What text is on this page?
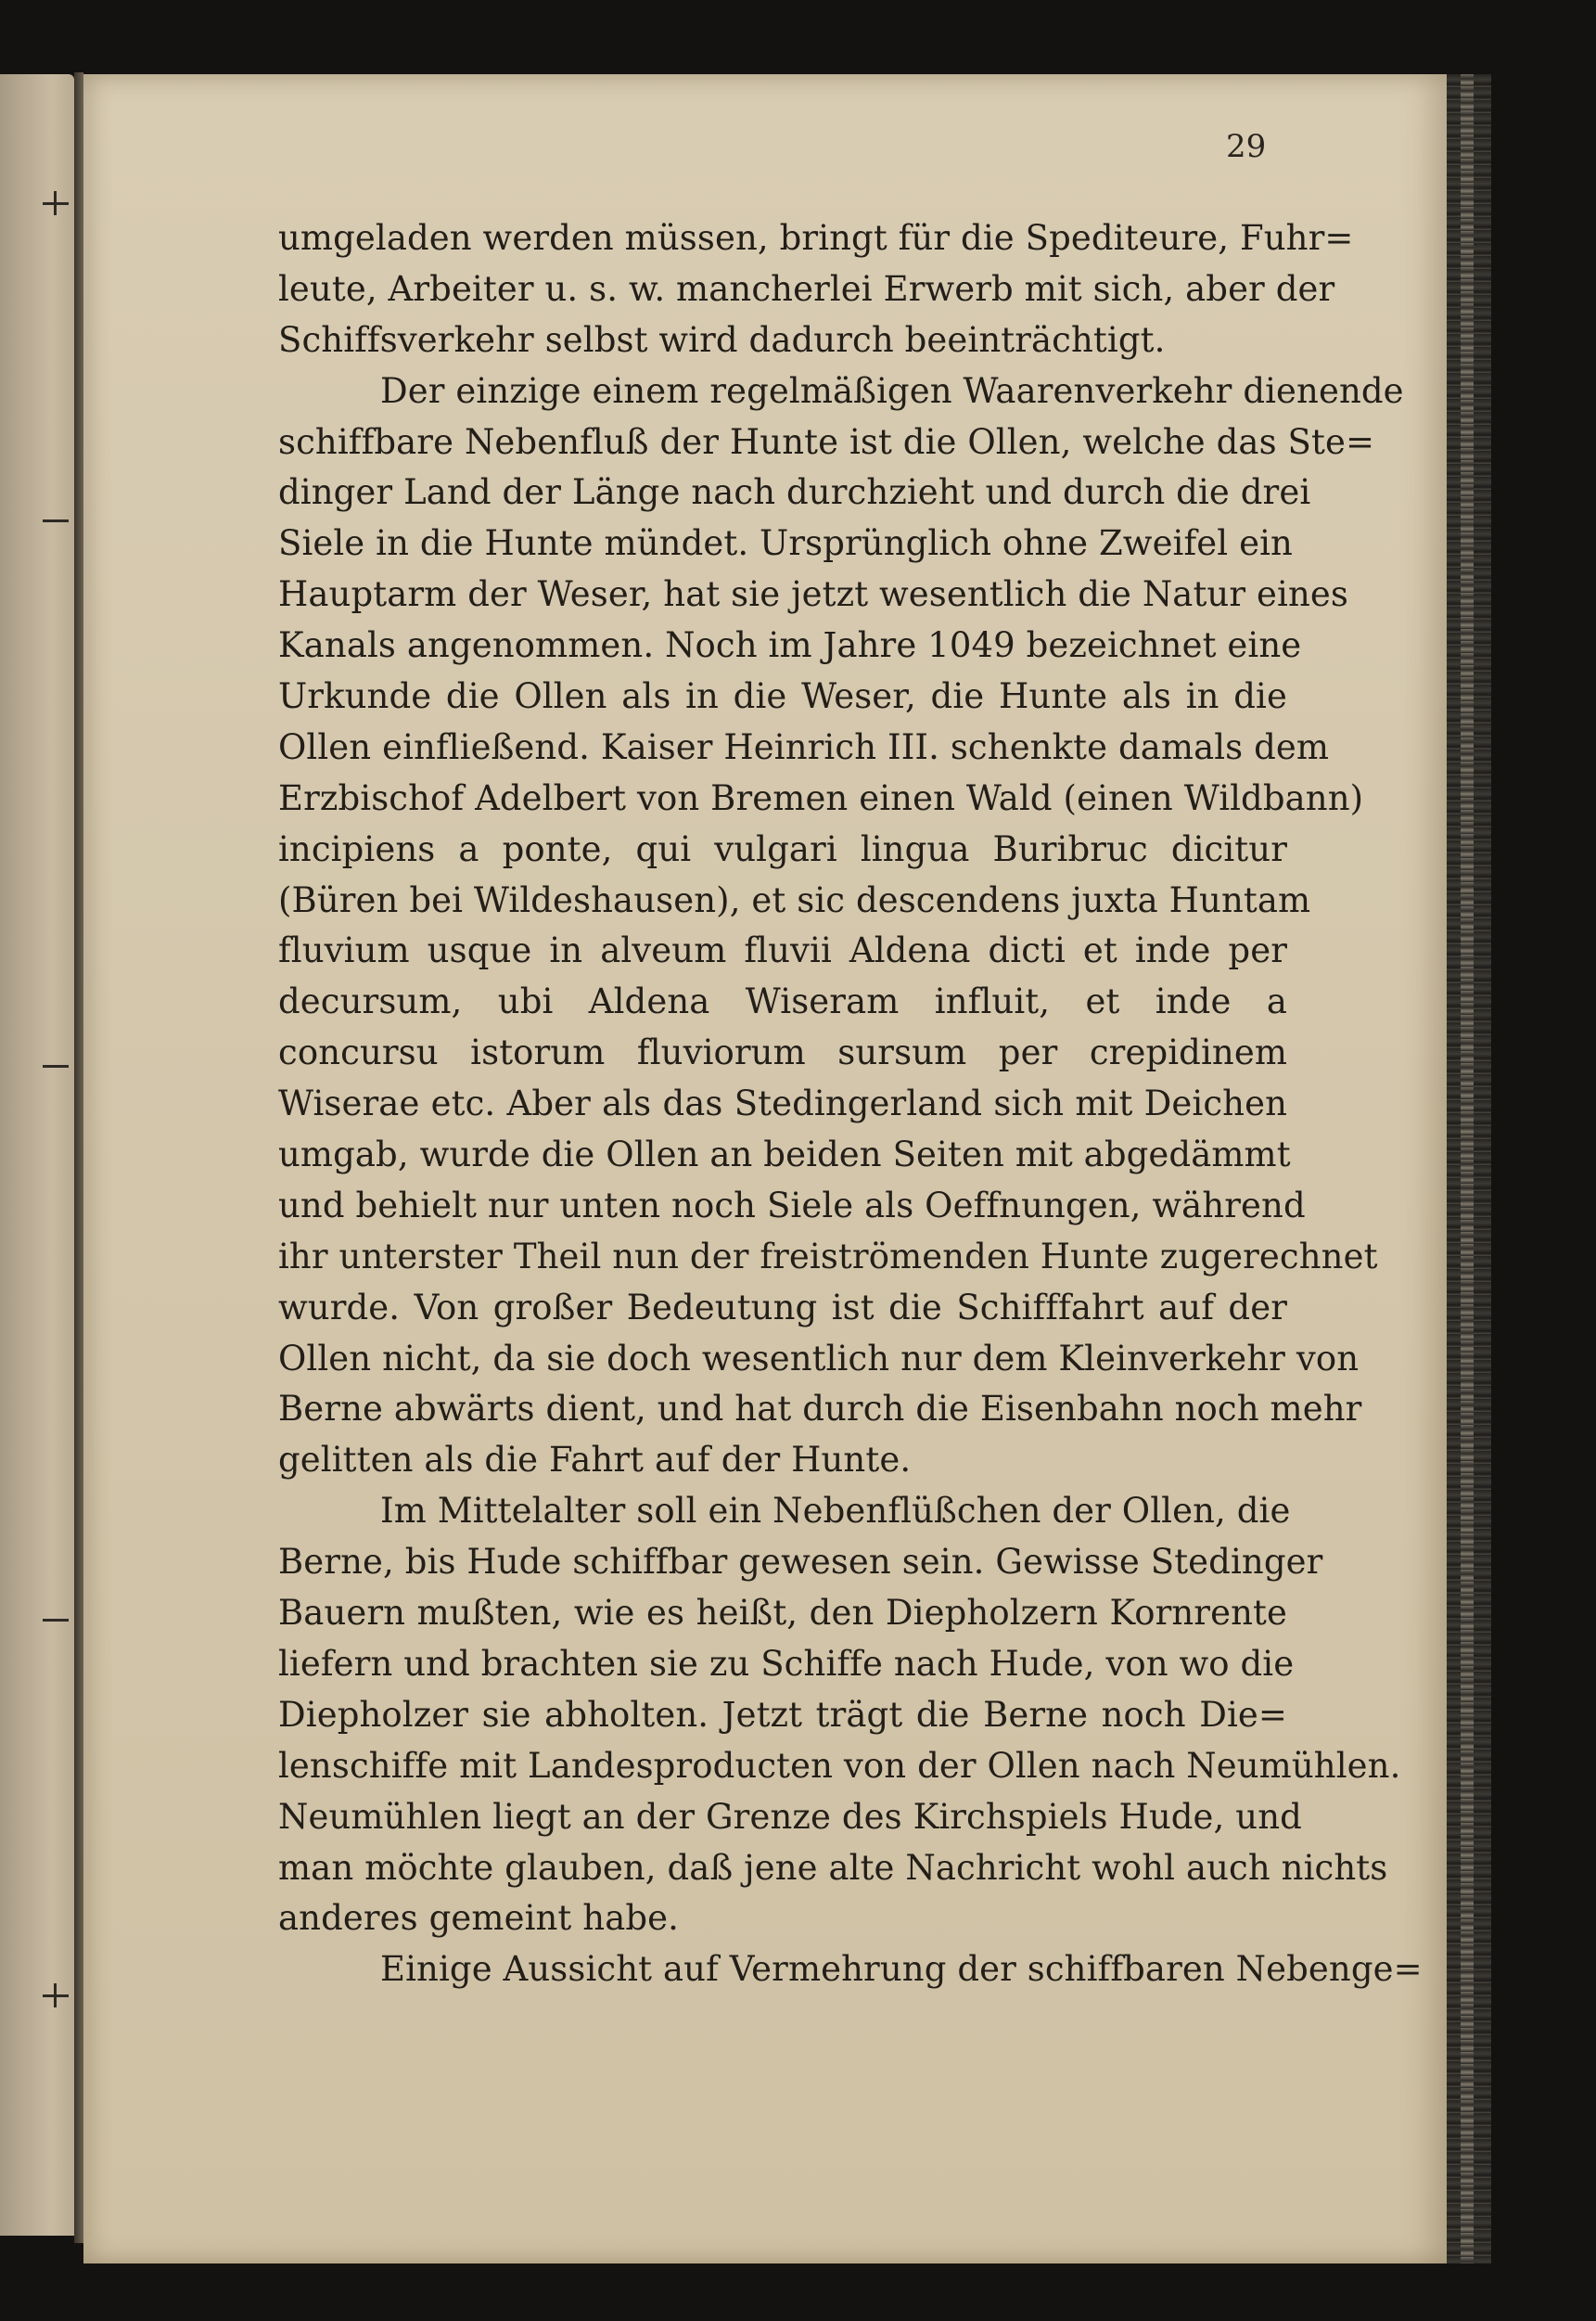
29
umgeladen werden müssen, bringt für die Spediteure, Fuhr=
leute, Arbeiter u. s. w. mancherlei Erwerb mit sich, aber der
Schiffsverkehr selbst wird dadurch beeinträchtigt.
Der einzige einem regelmäßigen Waarenverkehr dienende
schiffbare Nebenfluß der Hunte ist die Ollen, welche das Ste=
dinger Land der Länge nach durchzieht und durch die drei
Siele in die Hunte mündet. Ursprünglich ohne Zweifel ein
Hauptarm der Weser, hat sie jetzt wesentlich die Natur eines
Kanals angenommen. Noch im Jahre 1049 bezeichnet eine
Urkunde die Ollen als in die Weser, die Hunte als in die
Ollen einfließend. Kaiser Heinrich III. schenkte damals dem
Erzbischof Adelbert von Bremen einen Wald (einen Wildbann)
incipiens a ponte, qui vulgari lingua Buribruc dicitur
(Büren bei Wildeshausen), et sic descendens juxta Huntam
fluvium usque in alveum fluvii Aldena dicti et inde per
decursum, ubi Aldena Wiseram influit, et inde a
concursu istorum fluviorum sursum per crepidinem
Wiserae etc. Aber als das Stedingerland sich mit Deichen
umgab, wurde die Ollen an beiden Seiten mit abgedämmt
und behielt nur unten noch Siele als Oeffnungen, während
ihr unterster Theil nun der freiströmenden Hunte zugerechnet
wurde. Von großer Bedeutung ist die Schifffahrt auf der
Ollen nicht, da sie doch wesentlich nur dem Kleinverkehr von
Berne abwärts dient, und hat durch die Eisenbahn noch mehr
gelitten als die Fahrt auf der Hunte.
Im Mittelalter soll ein Nebenflüßchen der Ollen, die
Berne, bis Hude schiffbar gewesen sein. Gewisse Stedinger
Bauern mußten, wie es heißt, den Diepholzern Kornrente
liefern und brachten sie zu Schiffe nach Hude, von wo die
Diepholzer sie abholten. Jetzt trägt die Berne noch Die=
lenschiffe mit Landesproducten von der Ollen nach Neumühlen.
Neumühlen liegt an der Grenze des Kirchspiels Hude, und
man möchte glauben, daß jene alte Nachricht wohl auch nichts
anderes gemeint habe.
Einige Aussicht auf Vermehrung der schiffbaren Nebenge=
